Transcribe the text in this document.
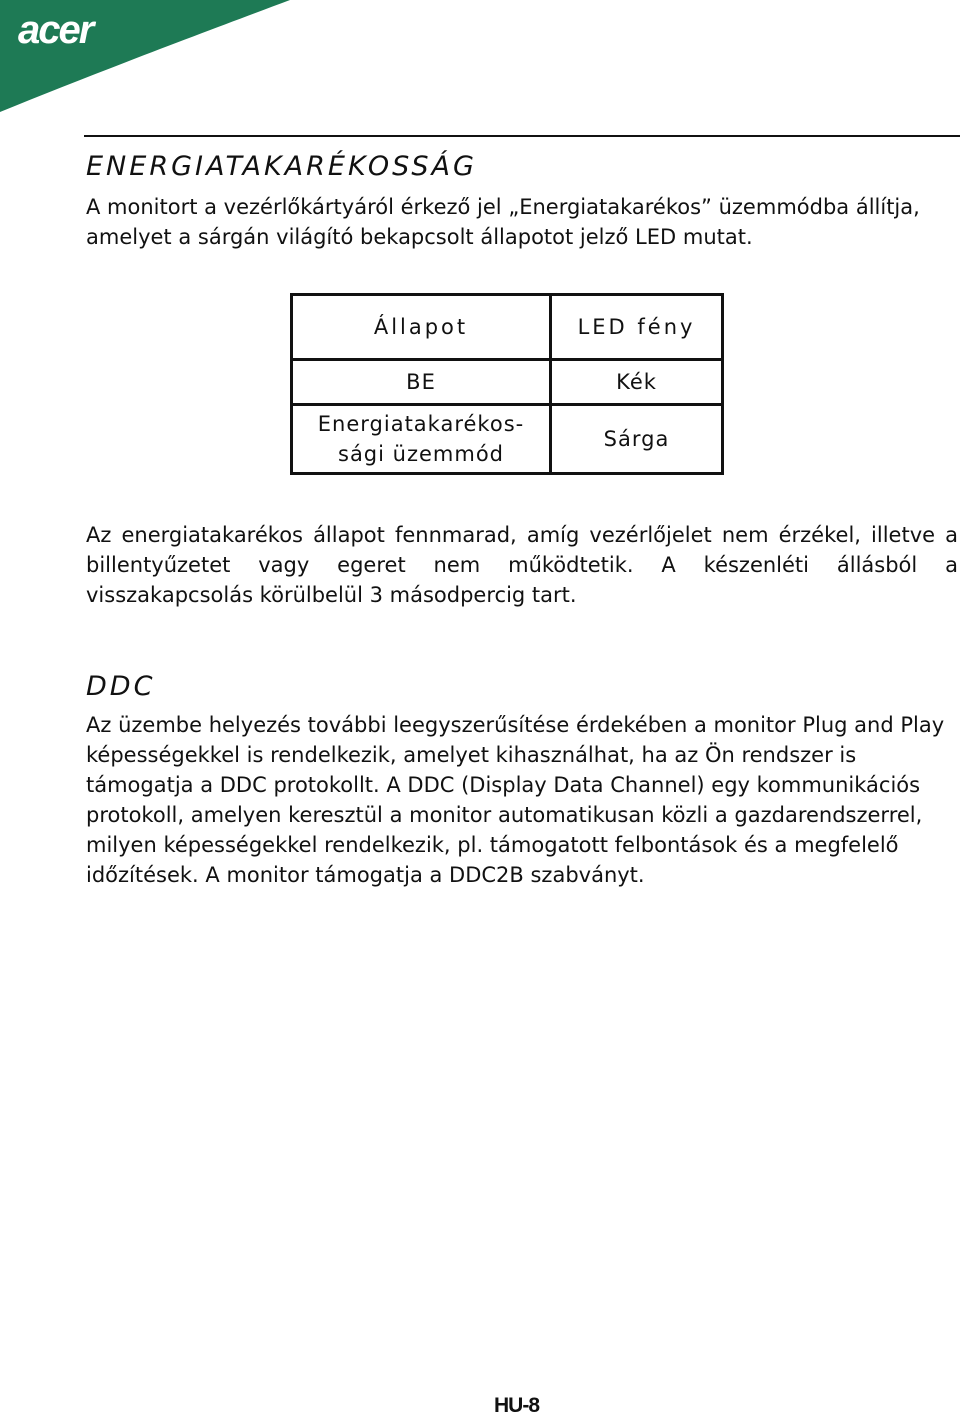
acer
ENERGIATAKARÉKOSSÁG

A monitort a vezérlőkártyáról érkező jel „Energiatakarékos” üzemmódba állítja, amelyet a sárgán világító bekapcsolt állapotot jelző LED mutat.

Állapot	LED fény
BE	Kék
Energiatakarékos-
sági üzemmód	Sárga

Az energiatakarékos állapot fennmarad, amíg vezérlőjelet nem érzékel, illetve a billentyűzetet vagy egeret nem működtetik. A készenléti állásból a visszakapcsolás körülbelül 3 másodpercig tart.

DDC

Az üzembe helyezés további leegyszerűsítése érdekében a monitor Plug and Play képességekkel is rendelkezik, amelyet kihasználhat, ha az Ön rendszer is támogatja a DDC protokollt. A DDC (Display Data Channel) egy kommunikációs protokoll, amelyen keresztül a monitor automatikusan közli a gazdarendszerrel, milyen képességekkel rendelkezik, pl. támogatott felbontások és a megfelelő időzítések. A monitor támogatja a DDC2B szabványt.

HU-8
